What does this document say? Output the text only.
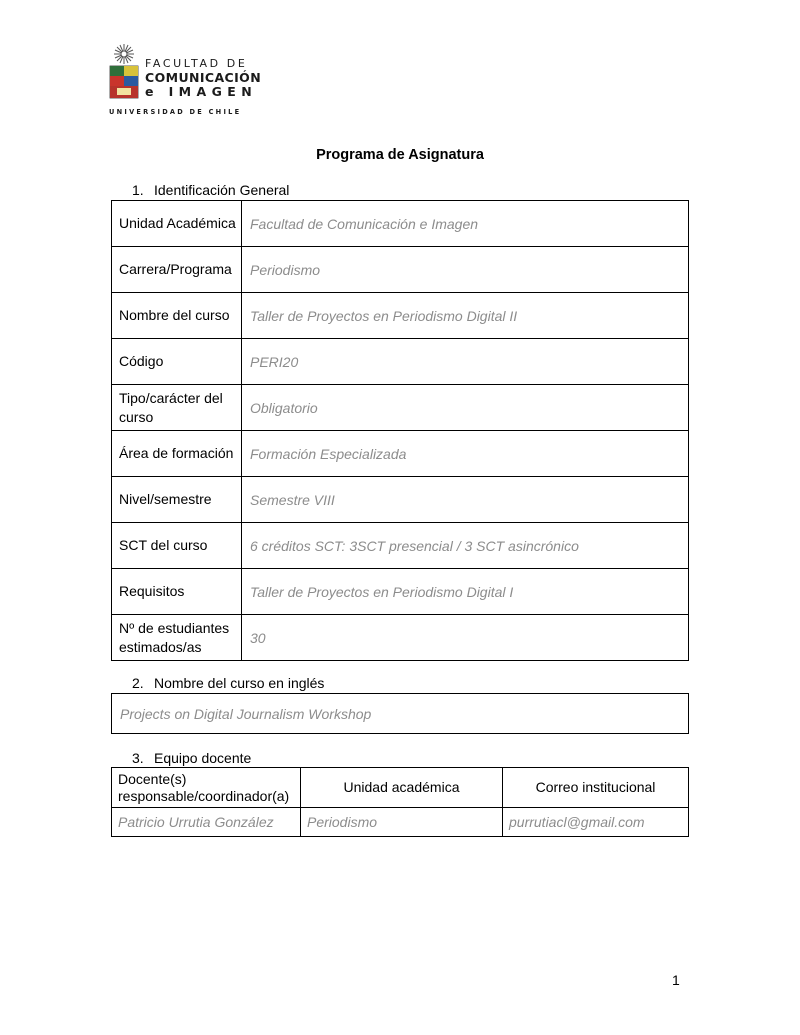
FACULTAD DE
COMUNICACIÓN
e IMAGEN
UNIVERSIDAD DE CHILE
Programa de Asignatura
1. Identificación General
Unidad Académica	Facultad de Comunicación e Imagen
Carrera/Programa	Periodismo
Nombre del curso	Taller de Proyectos en Periodismo Digital II
Código	PERI20
Tipo/carácter del curso	Obligatorio
Área de formación	Formación Especializada
Nivel/semestre	Semestre VIII
SCT del curso	6 créditos SCT: 3SCT presencial / 3 SCT asincrónico
Requisitos	Taller de Proyectos en Periodismo Digital I
Nº de estudiantes estimados/as	30
2. Nombre del curso en inglés
Projects on Digital Journalism Workshop
3. Equipo docente
Docente(s) responsable/coordinador(a)	Unidad académica	Correo institucional
Patricio Urrutia González	Periodismo	purrutiacl@gmail.com
1
